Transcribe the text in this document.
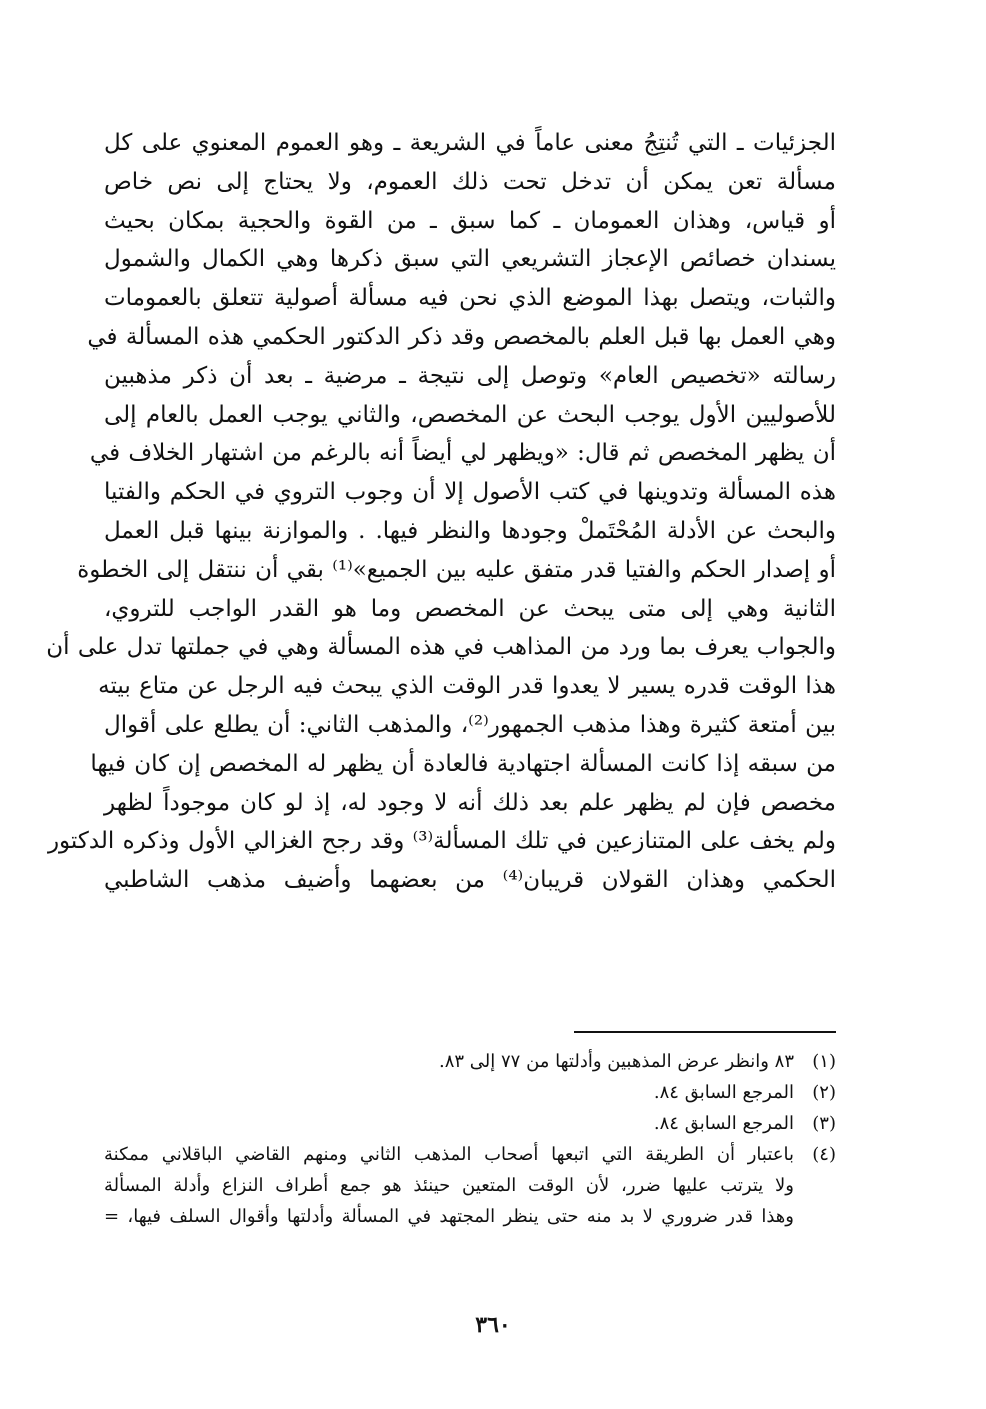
الجزئيات ـ التي تُنتِجُ معنى عاماً في الشريعة ـ وهو العموم المعنوي على كل
مسألة تعن يمكن أن تدخل تحت ذلك العموم، ولا يحتاج إلى نص خاص
أو قياس، وهذان العمومان ـ كما سبق ـ من القوة والحجية بمكان بحيث
يسندان خصائص الإعجاز التشريعي التي سبق ذكرها وهي الكمال والشمول
والثبات، ويتصل بهذا الموضع الذي نحن فيه مسألة أصولية تتعلق بالعمومات
وهي العمل بها قبل العلم بالمخصص وقد ذكر الدكتور الحكمي هذه المسألة في
رسالته «تخصيص العام» وتوصل إلى نتيجة ـ مرضية ـ بعد أن ذكر مذهبين
للأصوليين الأول يوجب البحث عن المخصص، والثاني يوجب العمل بالعام إلى
أن يظهر المخصص ثم قال: «ويظهر لي أيضاً أنه بالرغم من اشتهار الخلاف في
هذه المسألة وتدوينها في كتب الأصول إلا أن وجوب التروي في الحكم والفتيا
والبحث عن الأدلة المُحْتَملْ وجودها والنظر فيها. . والموازنة بينها قبل العمل
أو إصدار الحكم والفتيا قدر متفق عليه بين الجميع»⁽¹⁾ بقي أن ننتقل إلى الخطوة
الثانية وهي إلى متى يبحث عن المخصص وما هو القدر الواجب للتروي،
والجواب يعرف بما ورد من المذاهب في هذه المسألة وهي في جملتها تدل على أن
هذا الوقت قدره يسير لا يعدوا قدر الوقت الذي يبحث فيه الرجل عن متاع بيته
بين أمتعة كثيرة وهذا مذهب الجمهور⁽²⁾، والمذهب الثاني: أن يطلع على أقوال
من سبقه إذا كانت المسألة اجتهادية فالعادة أن يظهر له المخصص إن كان فيها
مخصص فإن لم يظهر علم بعد ذلك أنه لا وجود له، إذ لو كان موجوداً لظهر
ولم يخف على المتنازعين في تلك المسألة⁽³⁾ وقد رجح الغزالي الأول وذكره الدكتور
الحكمي وهذان القولان قريبان⁽⁴⁾ من بعضهما وأضيف مذهب الشاطبي
(١)
٨٣ وانظر عرض المذهبين وأدلتها من ٧٧ إلى ٨٣.
(٢)
المرجع السابق ٨٤.
(٣)
المرجع السابق ٨٤.
(٤)
باعتبار أن الطريقة التي اتبعها أصحاب المذهب الثاني ومنهم القاضي الباقلاني ممكنة
ولا يترتب عليها ضرر، لأن الوقت المتعين حينئذ هو جمع أطراف النزاع وأدلة المسألة
وهذا قدر ضروري لا بد منه حتى ينظر المجتهد في المسألة وأدلتها وأقوال السلف فيها، =
٣٦٠
